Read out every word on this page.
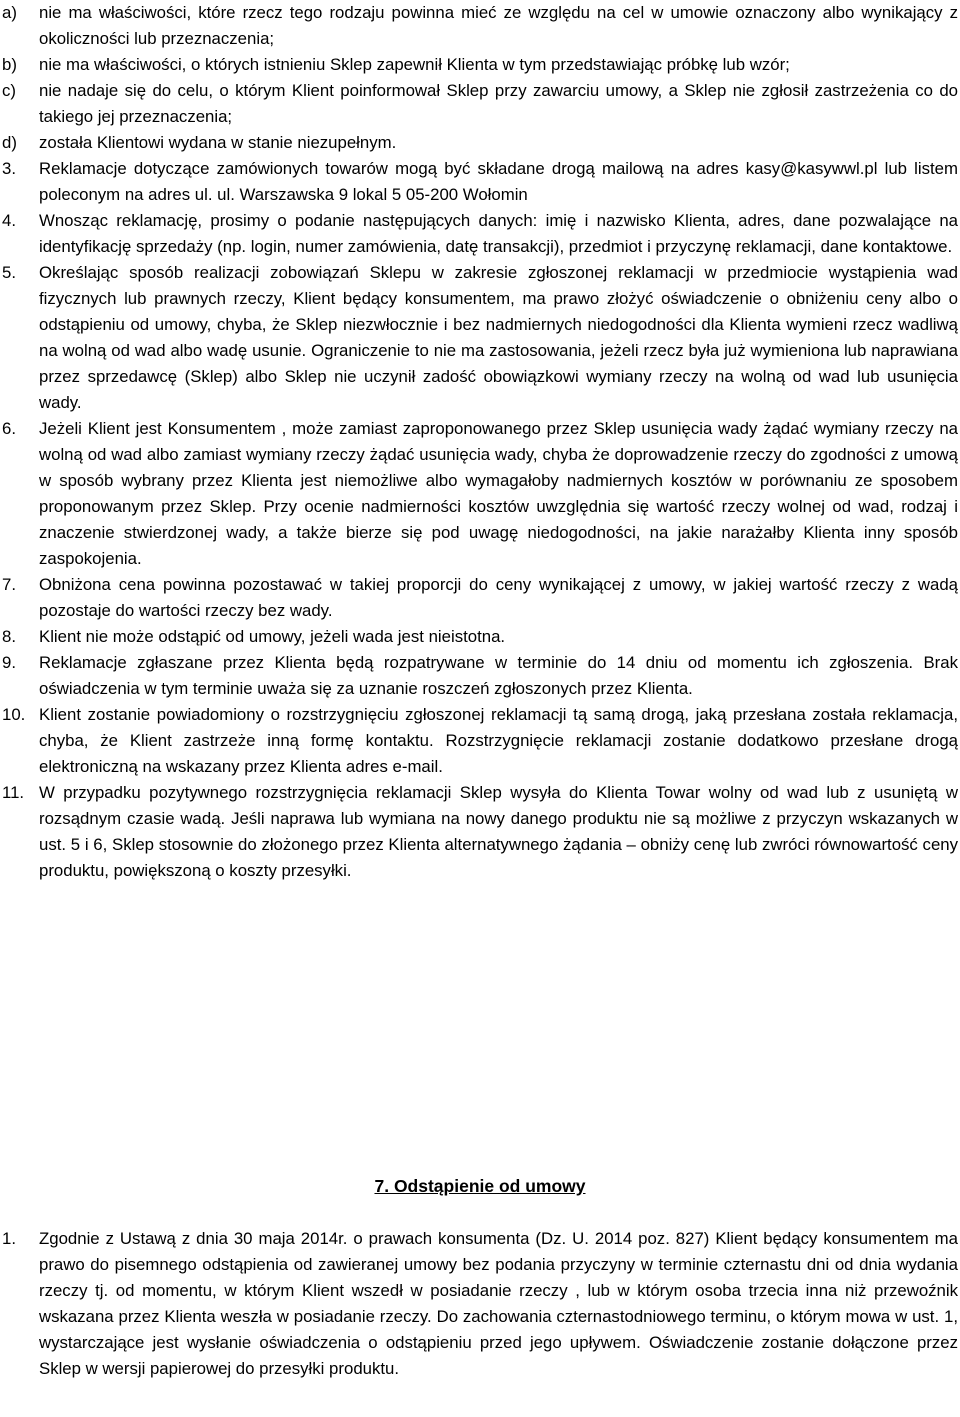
a)	nie ma właściwości, które rzecz tego rodzaju powinna mieć ze względu na cel w umowie oznaczony albo wynikający z okoliczności lub przeznaczenia;
b)	nie ma właściwości, o których istnieniu Sklep zapewnił Klienta w tym przedstawiając próbkę lub wzór;
c)	nie nadaje się do celu, o którym Klient poinformował Sklep przy zawarciu umowy, a Sklep nie zgłosił zastrzeżenia co do takiego jej przeznaczenia;
d)	została Klientowi wydana w stanie niezupełnym.
3.	Reklamacje dotyczące zamówionych towarów mogą być składane drogą mailową na adres kasy@kasywwl.pl lub listem poleconym na adres ul. ul. Warszawska 9 lokal 5 05-200 Wołomin
4.	Wnosząc reklamację, prosimy o podanie następujących danych: imię i nazwisko Klienta, adres, dane pozwalające na identyfikację sprzedaży (np. login, numer zamówienia, datę transakcji), przedmiot i przyczynę reklamacji, dane kontaktowe.
5.	Określając sposób realizacji zobowiązań Sklepu w zakresie zgłoszonej reklamacji w przedmiocie wystąpienia wad fizycznych lub prawnych rzeczy, Klient będący konsumentem, ma prawo złożyć oświadczenie o obniżeniu ceny albo o odstąpieniu od umowy, chyba, że Sklep niezwłocznie i bez nadmiernych niedogodności dla Klienta wymieni rzecz wadliwą na wolną od wad albo wadę usunie. Ograniczenie to nie ma zastosowania, jeżeli rzecz była już wymieniona lub naprawiana przez sprzedawcę (Sklep) albo Sklep nie uczynił zadość obowiązkowi wymiany rzeczy na wolną od wad lub usunięcia wady.
6.	Jeżeli Klient jest Konsumentem , może zamiast zaproponowanego przez Sklep usunięcia wady żądać wymiany rzeczy na wolną od wad albo zamiast wymiany rzeczy żądać usunięcia wady, chyba że doprowadzenie rzeczy do zgodności z umową w sposób wybrany przez Klienta jest niemożliwe albo wymagałoby nadmiernych kosztów w porównaniu ze sposobem proponowanym przez Sklep. Przy ocenie nadmierności kosztów uwzględnia się wartość rzeczy wolnej od wad, rodzaj i znaczenie stwierdzonej wady, a także bierze się pod uwagę niedogodności, na jakie narażałby Klienta inny sposób zaspokojenia.
7.	Obniżona cena powinna pozostawać w takiej proporcji do ceny wynikającej z umowy, w jakiej wartość rzeczy z wadą pozostaje do wartości rzeczy bez wady.
8.	Klient nie może odstąpić od umowy, jeżeli wada jest nieistotna.
9.	Reklamacje zgłaszane przez Klienta będą rozpatrywane w terminie do 14 dniu od momentu ich zgłoszenia. Brak oświadczenia w tym terminie uważa się za uznanie roszczeń zgłoszonych przez Klienta.
10. Klient zostanie powiadomiony o rozstrzygnięciu zgłoszonej reklamacji tą samą drogą, jaką przesłana została reklamacja, chyba, że Klient zastrzeże inną formę kontaktu. Rozstrzygnięcie reklamacji zostanie dodatkowo przesłane drogą elektroniczną na wskazany przez Klienta adres e-mail.
11. W przypadku pozytywnego rozstrzygnięcia reklamacji Sklep wysyła do Klienta Towar wolny od wad lub z usuniętą w rozsądnym czasie wadą. Jeśli naprawa lub wymiana na nowy danego produktu nie są możliwe z przyczyn wskazanych w ust. 5 i 6, Sklep stosownie do złożonego przez Klienta alternatywnego żądania – obniży cenę lub zwróci równowartość ceny produktu, powiększoną o koszty przesyłki.
7. Odstąpienie od umowy
1.	Zgodnie z Ustawą z dnia 30 maja 2014r. o prawach konsumenta (Dz. U. 2014 poz. 827) Klient będący konsumentem ma prawo do pisemnego odstąpienia od zawieranej umowy bez podania przyczyny w terminie czternastu dni od dnia wydania rzeczy tj. od momentu, w którym Klient wszedł w posiadanie rzeczy , lub w którym osoba trzecia inna niż przewoźnik wskazana przez Klienta weszła w posiadanie rzeczy. Do zachowania czternastodniowego terminu, o którym mowa w ust. 1, wystarczające jest wysłanie oświadczenia o odstąpieniu przed jego upływem. Oświadczenie zostanie dołączone przez Sklep w wersji papierowej do przesyłki produktu.
